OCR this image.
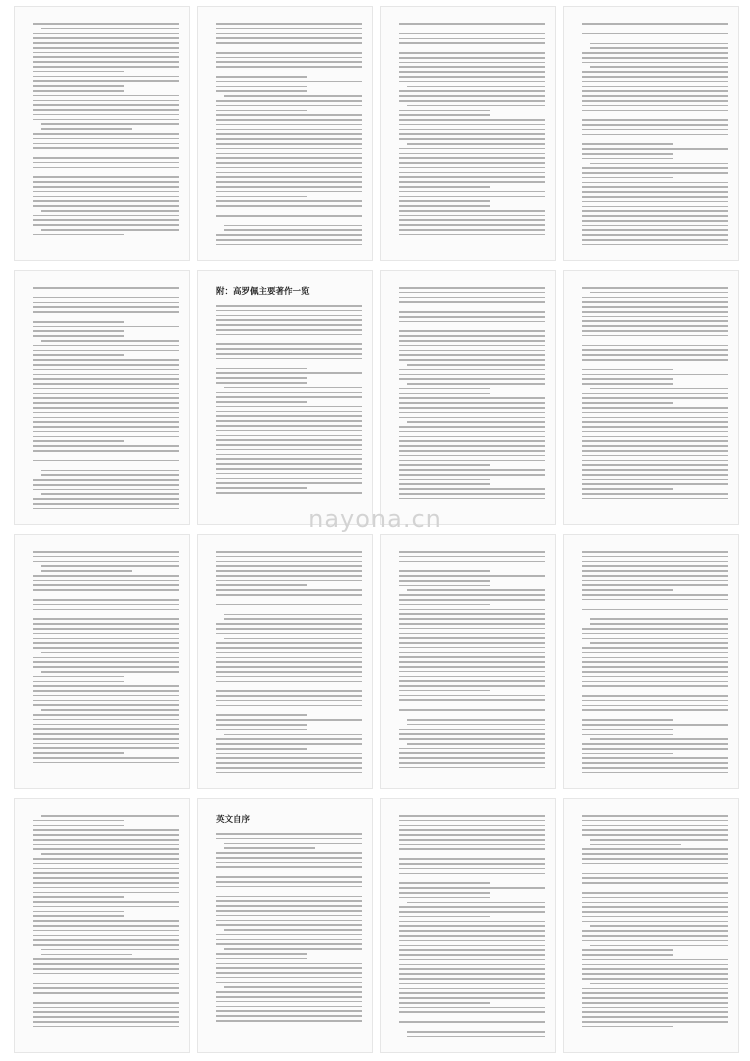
附：高罗佩主要著作一览
英文自序
nayona.cn
